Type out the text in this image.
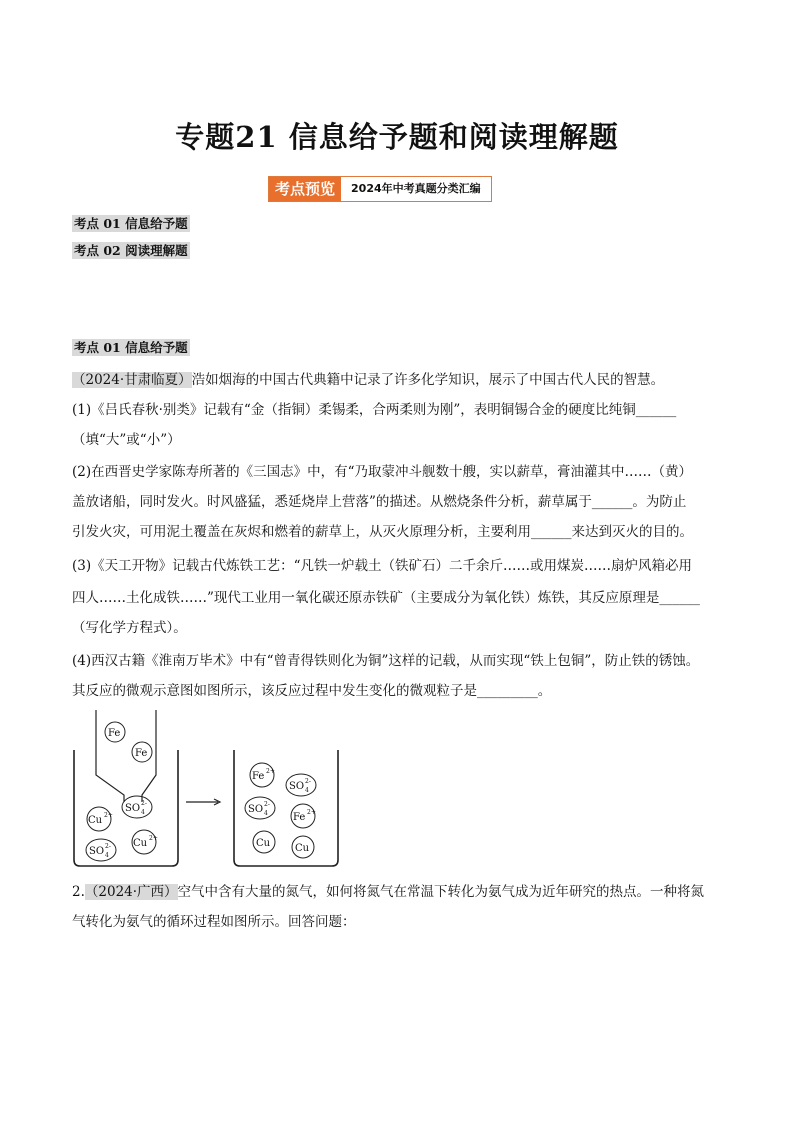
专题21 信息给予题和阅读理解题
考点预览	2024年中考真题分类汇编
考点 01 信息给予题
考点 02 阅读理解题
考点 01 信息给予题
（2024·甘肃临夏）浩如烟海的中国古代典籍中记录了许多化学知识，展示了中国古代人民的智慧。
(1)《吕氏春秋·别类》记载有“金（指铜）柔锡柔，合两柔则为刚”，表明铜锡合金的硬度比纯铜______
（填“大”或“小”）
(2)在西晋史学家陈寿所著的《三国志》中，有“乃取蒙冲斗舰数十艘，实以薪草，膏油灌其中……（黄）
盖放诸船，同时发火。时风盛猛，悉延烧岸上营落”的描述。从燃烧条件分析，薪草属于______。为防止
引发火灾，可用泥土覆盖在灰烬和燃着的薪草上，从灭火原理分析，主要利用______来达到灭火的目的。
(3)《天工开物》记载古代炼铁工艺：“凡铁一炉载土（铁矿石）二千余斤……或用煤炭……扇炉风箱必用
四人……土化成铁……”现代工业用一氧化碳还原赤铁矿（主要成分为氧化铁）炼铁，其反应原理是______
（写化学方程式）。
(4)西汉古籍《淮南万毕术》中有“曾青得铁则化为铜”这样的记载，从而实现“铁上包铜”，防止铁的锈蚀。
其反应的微观示意图如图所示，该反应过程中发生变化的微观粒子是_________。
Fe
Fe
Cu 2+
SO 2-
4
Cu 2+
SO 2-
4
Fe 2+
SO 2-
4
SO 2-
4	Fe 2+
Cu Cu
2.（2024·广西）空气中含有大量的氮气，如何将氮气在常温下转化为氨气成为近年研究的热点。一种将氮
气转化为氨气的循环过程如图所示。回答问题：
